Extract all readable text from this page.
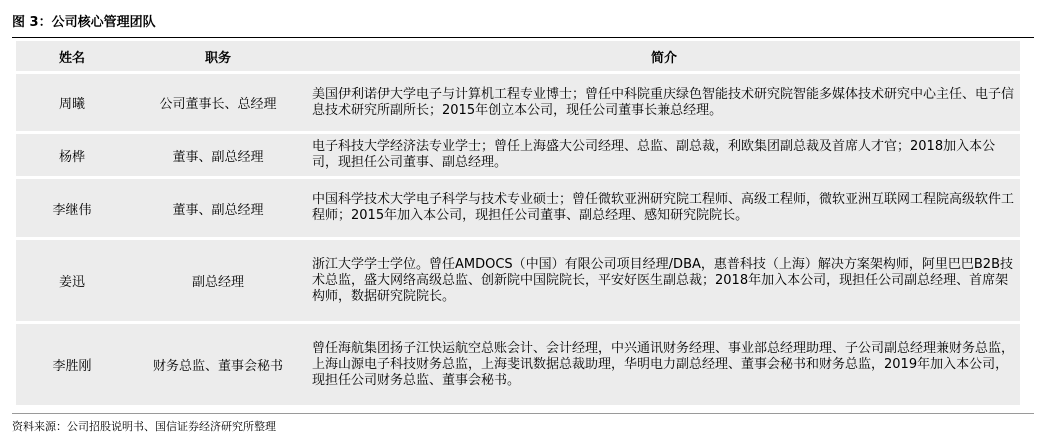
图 3：公司核心管理团队
姓名	职务	简介
周曦	公司董事长、总经理	美国伊利诺伊大学电子与计算机工程专业博士；曾任中科院重庆绿色智能技术研究院智能多媒体技术研究中心主任、电子信息技术研究所副所长；2015年创立本公司，现任公司董事长兼总经理。
杨桦	董事、副总经理	电子科技大学经济法专业学士；曾任上海盛大公司经理、总监、副总裁，利欧集团副总裁及首席人才官；2018加入本公司，现担任公司董事、副总经理。
李继伟	董事、副总经理	中国科学技术大学电子科学与技术专业硕士；曾任微软亚洲研究院工程师、高级工程师，微软亚洲互联网工程院高级软件工程师；2015年加入本公司，现担任公司董事、副总经理、感知研究院院长。
姜迅	副总经理	浙江大学学士学位。曾任AMDOCS（中国）有限公司项目经理/DBA，惠普科技（上海）解决方案架构师，阿里巴巴B2B技术总监，盛大网络高级总监、创新院中国院院长，平安好医生副总裁；2018年加入本公司，现担任公司副总经理、首席架构师，数据研究院院长。
李胜刚	财务总监、董事会秘书	曾任海航集团扬子江快运航空总账会计、会计经理，中兴通讯财务经理、事业部总经理助理、子公司副总经理兼财务总监，上海山源电子科技财务总监，上海斐讯数据总裁助理，华明电力副总经理、董事会秘书和财务总监，2019年加入本公司，现担任公司财务总监、董事会秘书。
资料来源：公司招股说明书、国信证券经济研究所整理
